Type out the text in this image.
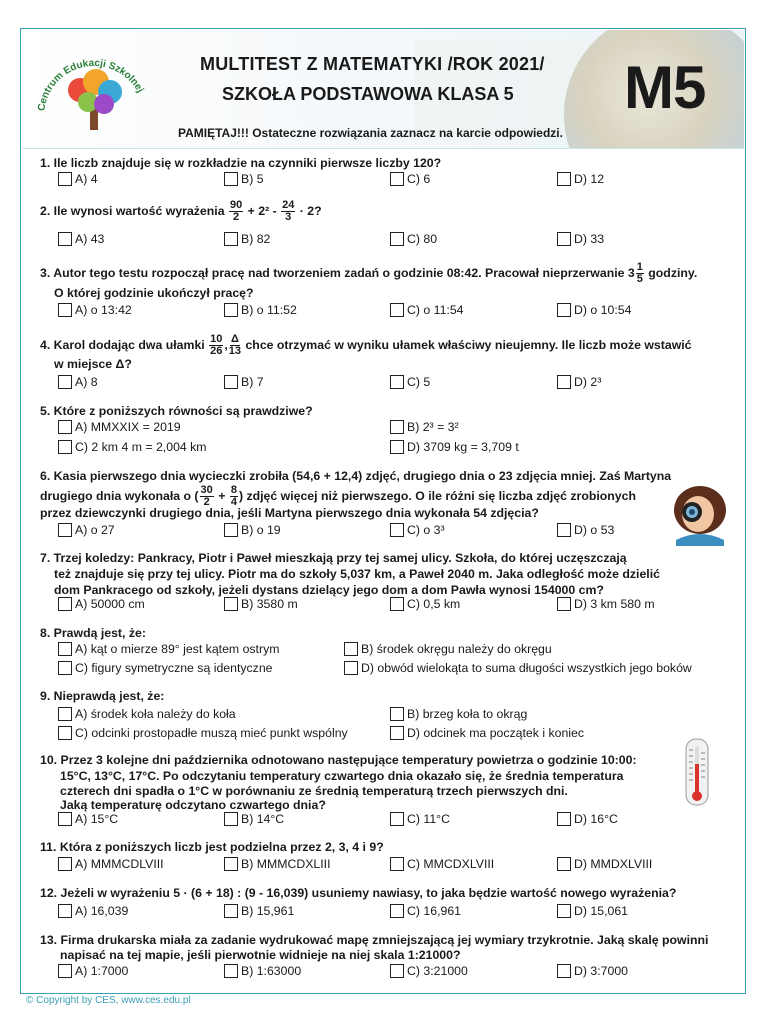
Centrum Edukacji Szkolnej
MULTITEST Z MATEMATYKI /ROK 2021/
SZKOŁA PODSTAWOWA KLASA 5 M5
PAMIĘTAJ!!! Ostateczne rozwiązania zaznacz na karcie odpowiedzi.
1. Ile liczb znajduje się w rozkładzie na czynniki pierwsze liczby 120?
A) 4	B) 5	C) 6	D) 12
2. Ile wynosi wartość wyrażenia
$\frac{90}{2}$
+ 2² -
$\frac{24}{3}$
· 2 ?
A) 43	B) 82	C) 80	D) 33
3. Autor tego testu rozpoczął pracę nad tworzeniem zadań o godzinie 08:42. Pracował nieprzerwanie
$3 \frac{1}{5}$
godziny.
O której godzinie ukończył pracę?
A) o 13:42	B) o 11:52	C) o 11:54	D) o 10:54
4. Karol dodając dwa ułamki
$\frac{10}{26}$ , $\frac{\Delta}{13}$
chce otrzymać w wyniku ułamek właściwy nieujemny. Ile liczb może wstawić
w miejsce Δ?
A) 8	B) 7	C) 5	D) 2³
5. Które z poniższych równości są prawdziwe?
A) MMXXIX = 2019	B) 2³ = 3²
C) 2 km 4 m = 2,004 km	D) 3709 kg = 3,709 t
6. Kasia pierwszego dnia wycieczki zrobiła (54,6 + 12,4) zdjęć, drugiego dnia o 23 zdjęcia mniej. Zaś Martyna
drugiego dnia wykonała o
( $\frac{30}{2}$
+
$\frac{8}{4}$ )
zdjęć więcej niż pierwszego. O ile różni się liczba zdjęć zrobionych
przez dziewczynki drugiego dnia, jeśli Martyna pierwszego dnia wykonała 54 zdjęcia?
A) o 27	B) o 19	C) o 3³	D) o 53
7. Trzej koledzy: Pankracy, Piotr i Paweł mieszkają przy tej samej ulicy. Szkoła, do której uczęszczają
też znajduje się przy tej ulicy. Piotr ma do szkoły 5,037 km, a Paweł 2040 m. Jaka odległość może dzielić
dom Pankracego od szkoły, jeżeli dystans dzielący jego dom a dom Pawła wynosi 154000 cm?
A) 50000 cm	B) 3580 m	C) 0,5 km	D) 3 km 580 m
8. Prawdą jest, że:
A) kąt o mierze 89° jest kątem ostrym	B) środek okręgu należy do okręgu
C) figury symetryczne są identyczne	D) obwód wielokąta to suma długości wszystkich jego boków
9. Nieprawdą jest, że:
A) środek koła należy do koła	B) brzeg koła to okrąg
C) odcinki prostopadłe muszą mieć punkt wspólny	D) odcinek ma początek i koniec
10. Przez 3 kolejne dni października odnotowano następujące temperatury powietrza o godzinie 10:00:
15°C, 13°C, 17°C. Po odczytaniu temperatury czwartego dnia okazało się, że średnia temperatura
czterech dni spadła o 1°C w porównaniu ze średnią temperaturą trzech pierwszych dni.
Jaką temperaturę odczytano czwartego dnia?
A) 15°C	B) 14°C	C) 11°C	D) 16°C
11. Która z poniższych liczb jest podzielna przez 2, 3, 4 i 9?
A) MMMCDLVIII	B) MMMCDXLIII	C) MMCDXLVIII	D) MMDXLVIII
12. Jeżeli w wyrażeniu 5 · (6 + 18) : (9 - 16,039) usuniemy nawiasy, to jaka będzie wartość nowego wyrażenia?
A) 16,039	B) 15,961	C) 16,961	D) 15,061
13. Firma drukarska miała za zadanie wydrukować mapę zmniejszającą jej wymiary trzykrotnie. Jaką skalę powinni
napisać na tej mapie, jeśli pierwotnie widnieje na niej skala 1:21000?
A) 1:7000	B) 1:63000	C) 3:21000	D) 3:7000
© Copyright by CES, www.ces.edu.pl
